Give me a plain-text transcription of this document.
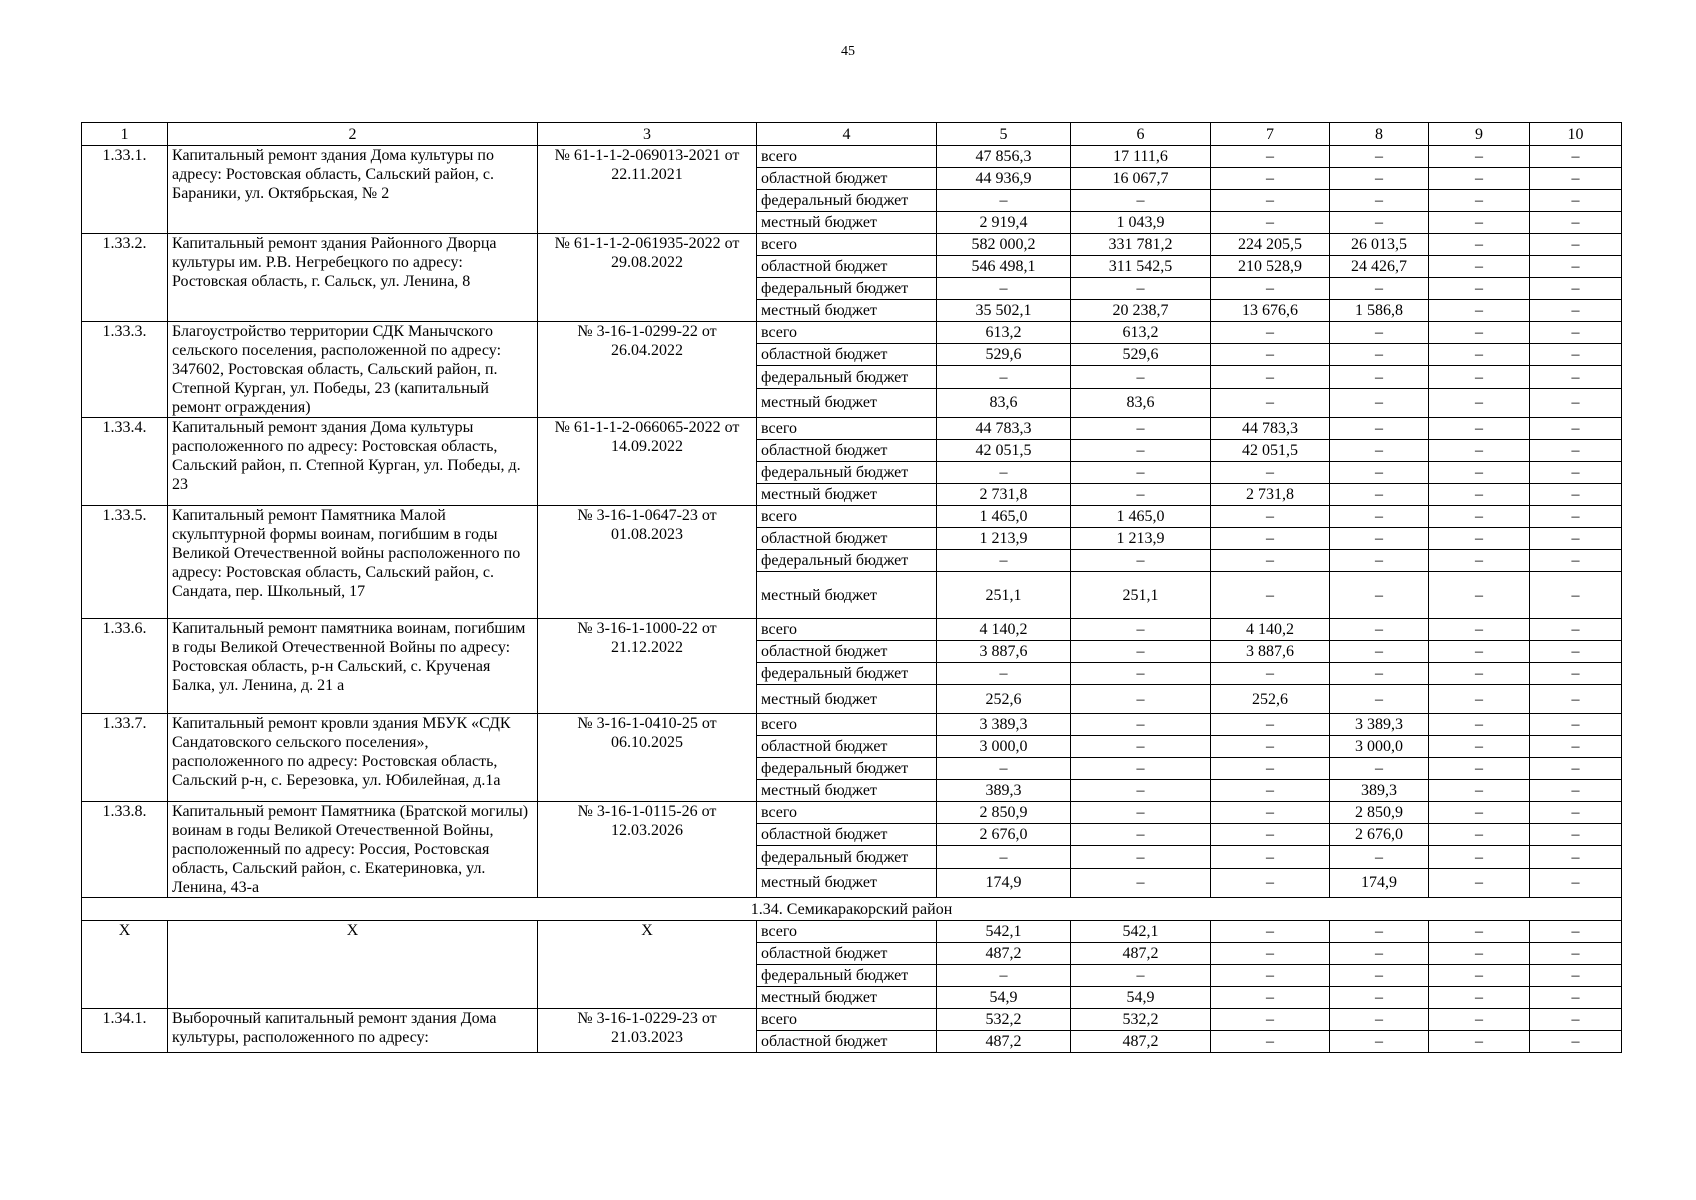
45
1	2	3	4	5	6	7	8	9	10
1.33.1.	Капитальный ремонт здания Дома культуры по адресу: Ростовская область, Сальский район, с. Бараники, ул. Октябрьская, № 2	№ 61-1-1-2-069013-2021 от 22.11.2021	всего	47 856,3	17 111,6	–	–	–	–
			областной бюджет	44 936,9	16 067,7	–	–	–	–
			федеральный бюджет	–	–	–	–	–	–
			местный бюджет	2 919,4	1 043,9	–	–	–	–
1.33.2.	Капитальный ремонт здания Районного Дворца культуры им. Р.В. Негребецкого по адресу: Ростовская область, г. Сальск, ул. Ленина, 8	№ 61-1-1-2-061935-2022 от 29.08.2022	всего	582 000,2	331 781,2	224 205,5	26 013,5	–	–
			областной бюджет	546 498,1	311 542,5	210 528,9	24 426,7	–	–
			федеральный бюджет	–	–	–	–	–	–
			местный бюджет	35 502,1	20 238,7	13 676,6	1 586,8	–	–
1.33.3.	Благоустройство территории СДК Манычского сельского поселения, расположенной по адресу: 347602, Ростовская область, Сальский район, п. Степной Курган, ул. Победы, 23 (капитальный ремонт ограждения)	№ 3-16-1-0299-22 от 26.04.2022	всего	613,2	613,2	–	–	–	–
			областной бюджет	529,6	529,6	–	–	–	–
			федеральный бюджет	–	–	–	–	–	–
			местный бюджет	83,6	83,6	–	–	–	–
1.33.4.	Капитальный ремонт здания Дома культуры расположенного по адресу: Ростовская область, Сальский район, п. Степной Курган, ул. Победы, д. 23	№ 61-1-1-2-066065-2022 от 14.09.2022	всего	44 783,3	–	44 783,3	–	–	–
			областной бюджет	42 051,5	–	42 051,5	–	–	–
			федеральный бюджет	–	–	–	–	–	–
			местный бюджет	2 731,8	–	2 731,8	–	–	–
1.33.5.	Капитальный ремонт Памятника Малой скульптурной формы воинам, погибшим в годы Великой Отечественной войны расположенного по адресу: Ростовская область, Сальский район, с. Сандата, пер. Школьный, 17	№ 3-16-1-0647-23 от 01.08.2023	всего	1 465,0	1 465,0	–	–	–	–
			областной бюджет	1 213,9	1 213,9	–	–	–	–
			федеральный бюджет	–	–	–	–	–	–
			местный бюджет	251,1	251,1	–	–	–	–
1.33.6.	Капитальный ремонт памятника воинам, погибшим в годы Великой Отечественной Войны по адресу: Ростовская область, р-н Сальский, с. Крученая Балка, ул. Ленина, д. 21 а	№ 3-16-1-1000-22 от 21.12.2022	всего	4 140,2	–	4 140,2	–	–	–
			областной бюджет	3 887,6	–	3 887,6	–	–	–
			федеральный бюджет	–	–	–	–	–	–
			местный бюджет	252,6	–	252,6	–	–	–
1.33.7.	Капитальный ремонт кровли здания МБУК «СДК Сандатовского сельского поселения», расположенного по адресу: Ростовская область, Сальский р-н, с. Березовка, ул. Юбилейная, д.1а	№ 3-16-1-0410-25 от 06.10.2025	всего	3 389,3	–	–	3 389,3	–	–
			областной бюджет	3 000,0	–	–	3 000,0	–	–
			федеральный бюджет	–	–	–	–	–	–
			местный бюджет	389,3	–	–	389,3	–	–
1.33.8.	Капитальный ремонт Памятника (Братской могилы) воинам в годы Великой Отечественной Войны, расположенный по адресу: Россия, Ростовская область, Сальский район, с. Екатериновка, ул. Ленина, 43-а	№ 3-16-1-0115-26 от 12.03.2026	всего	2 850,9	–	–	2 850,9	–	–
			областной бюджет	2 676,0	–	–	2 676,0	–	–
			федеральный бюджет	–	–	–	–	–	–
			местный бюджет	174,9	–	–	174,9	–	–
1.34. Семикаракорский район									
X	X	X	всего	542,1	542,1	–	–	–	–
			областной бюджет	487,2	487,2	–	–	–	–
			федеральный бюджет	–	–	–	–	–	–
			местный бюджет	54,9	54,9	–	–	–	–
1.34.1.	Выборочный капитальный ремонт здания Дома культуры, расположенного по адресу:	№ 3-16-1-0229-23 от 21.03.2023	всего	532,2	532,2	–	–	–	–
			областной бюджет	487,2	487,2	–	–	–	–
